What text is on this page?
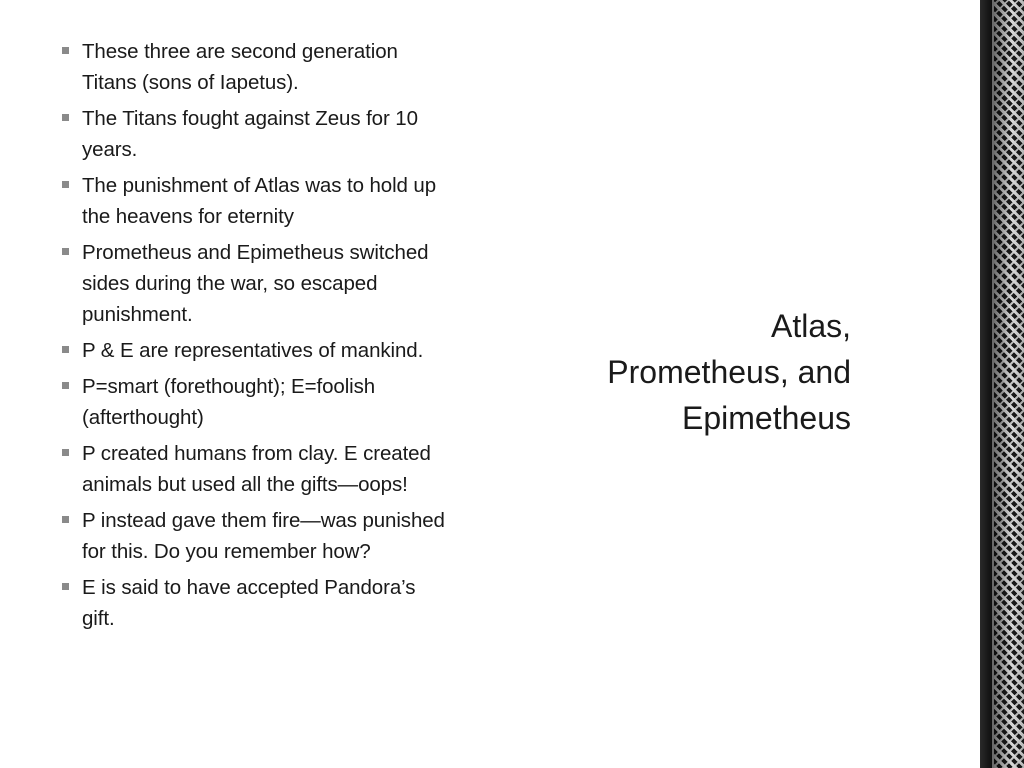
These three are second generation Titans (sons of Iapetus).
The Titans fought against Zeus for 10 years.
The punishment of Atlas was to hold up the heavens for eternity
Prometheus and Epimetheus switched sides during the war, so escaped punishment.
P & E are representatives of mankind.
P=smart (forethought); E=foolish (afterthought)
P created humans from clay. E created animals but used all the gifts—oops!
P instead gave them fire—was punished for this. Do you remember how?
E is said to have accepted Pandora’s gift.
Atlas,
Prometheus, and
Epimetheus
